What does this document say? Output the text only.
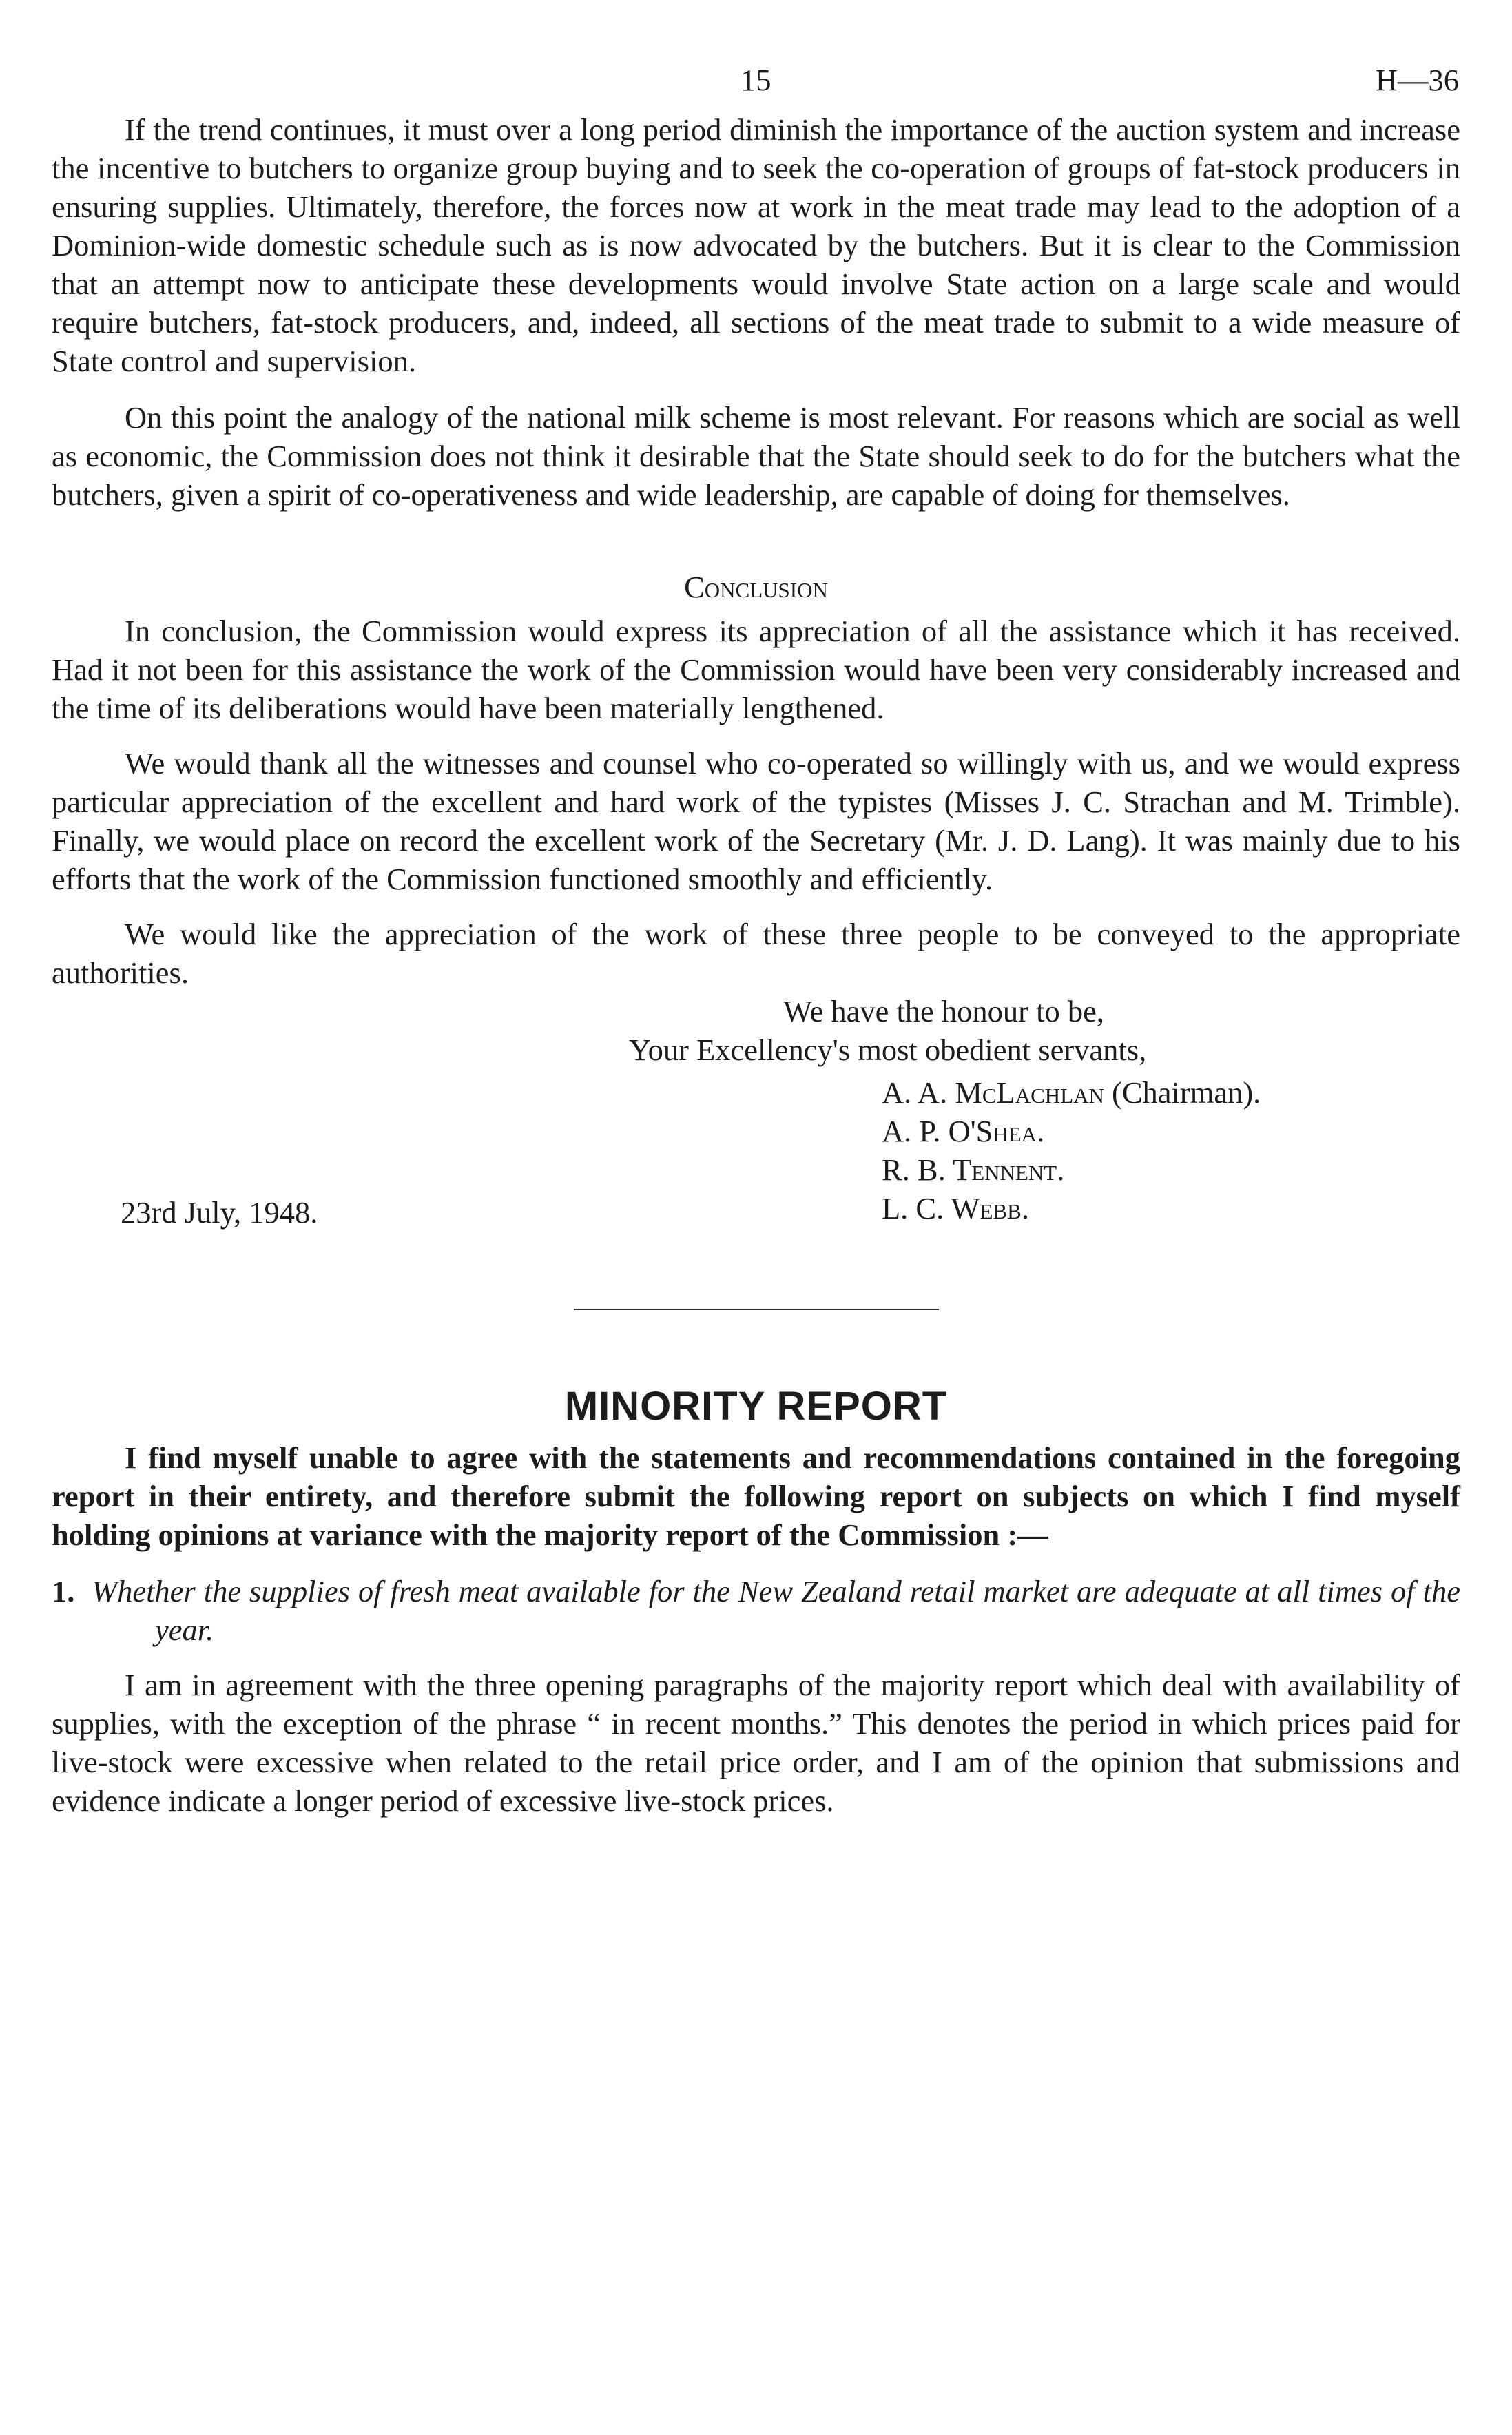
15	H—36

If the trend continues, it must over a long period diminish the importance of the auction system and increase the incentive to butchers to organize group buying and to seek the co-operation of groups of fat-stock producers in ensuring supplies. Ultimately, therefore, the forces now at work in the meat trade may lead to the adoption of a Dominion-wide domestic schedule such as is now advocated by the butchers. But it is clear to the Commission that an attempt now to anticipate these developments would involve State action on a large scale and would require butchers, fat-stock producers, and, indeed, all sections of the meat trade to submit to a wide measure of State control and supervision.

On this point the analogy of the national milk scheme is most relevant. For reasons which are social as well as economic, the Commission does not think it desirable that the State should seek to do for the butchers what the butchers, given a spirit of co-operativeness and wide leadership, are capable of doing for themselves.

Conclusion

In conclusion, the Commission would express its appreciation of all the assistance which it has received. Had it not been for this assistance the work of the Commission would have been very considerably increased and the time of its deliberations would have been materially lengthened.

We would thank all the witnesses and counsel who co-operated so willingly with us, and we would express particular appreciation of the excellent and hard work of the typistes (Misses J. C. Strachan and M. Trimble). Finally, we would place on record the excellent work of the Secretary (Mr. J. D. Lang). It was mainly due to his efforts that the work of the Commission functioned smoothly and efficiently.

We would like the appreciation of the work of these three people to be conveyed to the appropriate authorities.

We have the honour to be,
Your Excellency's most obedient servants,
A. A. McLachlan (Chairman).
A. P. O'Shea.
R. B. Tennent.
L. C. Webb.

23rd July, 1948.

MINORITY REPORT

I find myself unable to agree with the statements and recommendations contained in the foregoing report in their entirety, and therefore submit the following report on subjects on which I find myself holding opinions at variance with the majority report of the Commission :—

1. Whether the supplies of fresh meat available for the New Zealand retail market are adequate at all times of the year.

I am in agreement with the three opening paragraphs of the majority report which deal with availability of supplies, with the exception of the phrase “ in recent months.” This denotes the period in which prices paid for live-stock were excessive when related to the retail price order, and I am of the opinion that submissions and evidence indicate a longer period of excessive live-stock prices.
